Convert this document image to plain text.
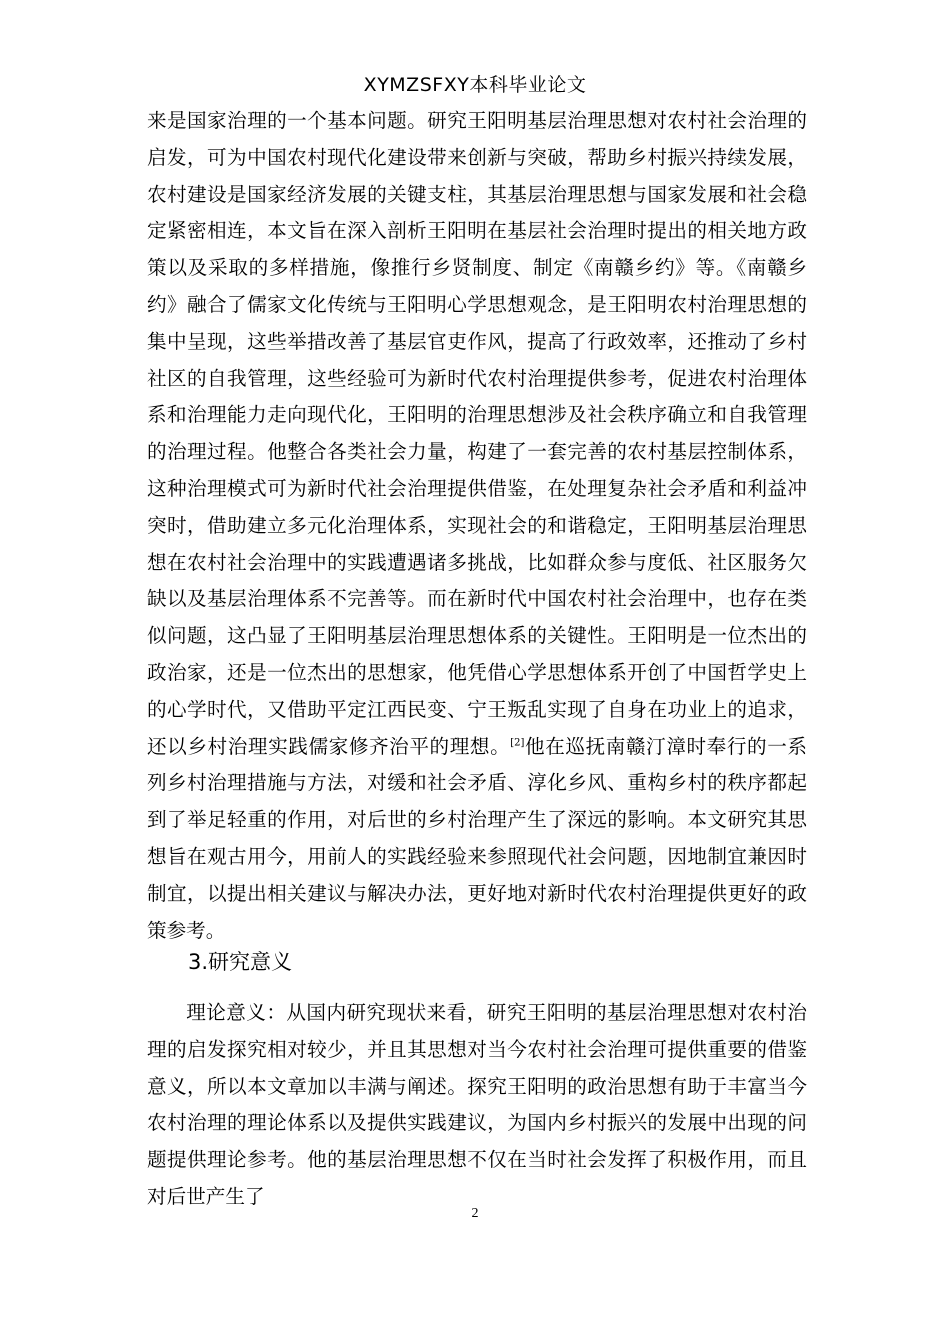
XYMZSFXY本科毕业论文

来是国家治理的一个基本问题。研究王阳明基层治理思想对农村社会治理的启发，可为中国农村现代化建设带来创新与突破，帮助乡村振兴持续发展，农村建设是国家经济发展的关键支柱，其基层治理思想与国家发展和社会稳定紧密相连，本文旨在深入剖析王阳明在基层社会治理时提出的相关地方政策以及采取的多样措施，像推行乡贤制度、制定《南赣乡约》等。《南赣乡约》融合了儒家文化传统与王阳明心学思想观念，是王阳明农村治理思想的集中呈现，这些举措改善了基层官吏作风，提高了行政效率，还推动了乡村社区的自我管理，这些经验可为新时代农村治理提供参考，促进农村治理体系和治理能力走向现代化，王阳明的治理思想涉及社会秩序确立和自我管理的治理过程。他整合各类社会力量，构建了一套完善的农村基层控制体系，这种治理模式可为新时代社会治理提供借鉴，在处理复杂社会矛盾和利益冲突时，借助建立多元化治理体系，实现社会的和谐稳定，王阳明基层治理思想在农村社会治理中的实践遭遇诸多挑战，比如群众参与度低、社区服务欠缺以及基层治理体系不完善等。而在新时代中国农村社会治理中，也存在类似问题，这凸显了王阳明基层治理思想体系的关键性。王阳明是一位杰出的政治家，还是一位杰出的思想家，他凭借心学思想体系开创了中国哲学史上的心学时代，又借助平定江西民变、宁王叛乱实现了自身在功业上的追求，还以乡村治理实践儒家修齐治平的理想。[2]他在巡抚南赣汀漳时奉行的一系列乡村治理措施与方法，对缓和社会矛盾、淳化乡风、重构乡村的秩序都起到了举足轻重的作用，对后世的乡村治理产生了深远的影响。本文研究其思想旨在观古用今，用前人的实践经验来参照现代社会问题，因地制宜兼因时制宜，以提出相关建议与解决办法，更好地对新时代农村治理提供更好的政策参考。

3.研究意义

理论意义：从国内研究现状来看，研究王阳明的基层治理思想对农村治理的启发探究相对较少，并且其思想对当今农村社会治理可提供重要的借鉴意义，所以本文章加以丰满与阐述。探究王阳明的政治思想有助于丰富当今农村治理的理论体系以及提供实践建议，为国内乡村振兴的发展中出现的问题提供理论参考。他的基层治理思想不仅在当时社会发挥了积极作用，而且对后世产生了

2
